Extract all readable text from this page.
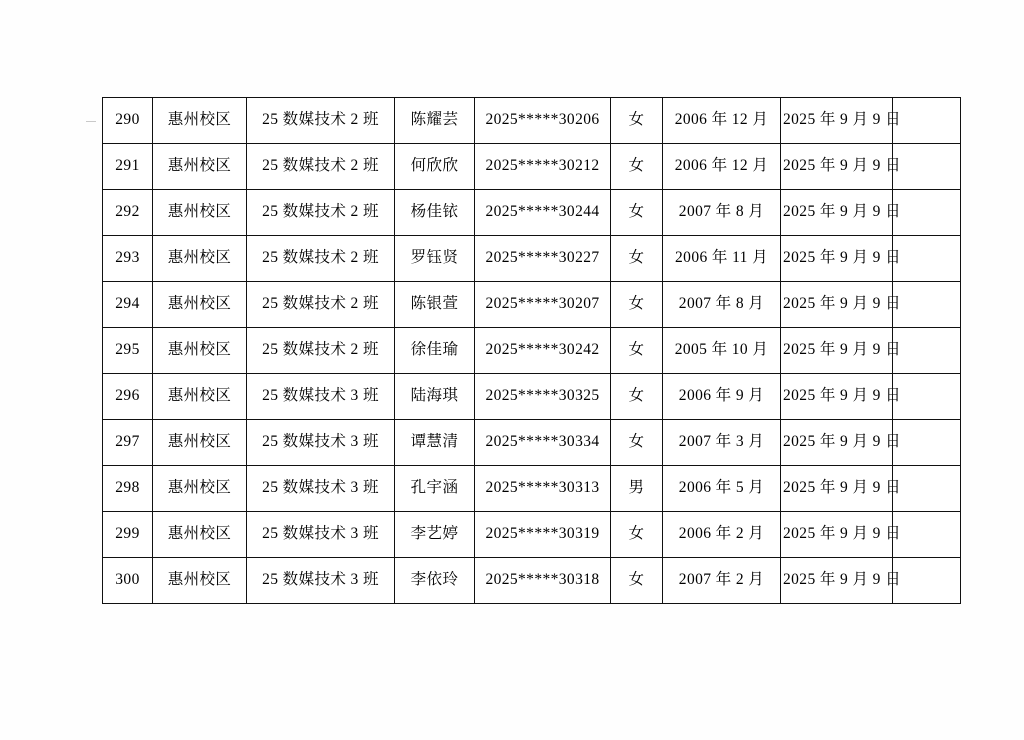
290	惠州校区	25 数媒技术 2 班	陈耀芸	2025*****30206	女	2006 年 12 月	2025 年 9 月 9 日	
291	惠州校区	25 数媒技术 2 班	何欣欣	2025*****30212	女	2006 年 12 月	2025 年 9 月 9 日	
292	惠州校区	25 数媒技术 2 班	杨佳铱	2025*****30244	女	2007 年 8 月	2025 年 9 月 9 日	
293	惠州校区	25 数媒技术 2 班	罗钰贤	2025*****30227	女	2006 年 11 月	2025 年 9 月 9 日	
294	惠州校区	25 数媒技术 2 班	陈银萱	2025*****30207	女	2007 年 8 月	2025 年 9 月 9 日	
295	惠州校区	25 数媒技术 2 班	徐佳瑜	2025*****30242	女	2005 年 10 月	2025 年 9 月 9 日	
296	惠州校区	25 数媒技术 3 班	陆海琪	2025*****30325	女	2006 年 9 月	2025 年 9 月 9 日	
297	惠州校区	25 数媒技术 3 班	谭慧清	2025*****30334	女	2007 年 3 月	2025 年 9 月 9 日	
298	惠州校区	25 数媒技术 3 班	孔宇涵	2025*****30313	男	2006 年 5 月	2025 年 9 月 9 日	
299	惠州校区	25 数媒技术 3 班	李艺婷	2025*****30319	女	2006 年 2 月	2025 年 9 月 9 日	
300	惠州校区	25 数媒技术 3 班	李依玲	2025*****30318	女	2007 年 2 月	2025 年 9 月 9 日	
